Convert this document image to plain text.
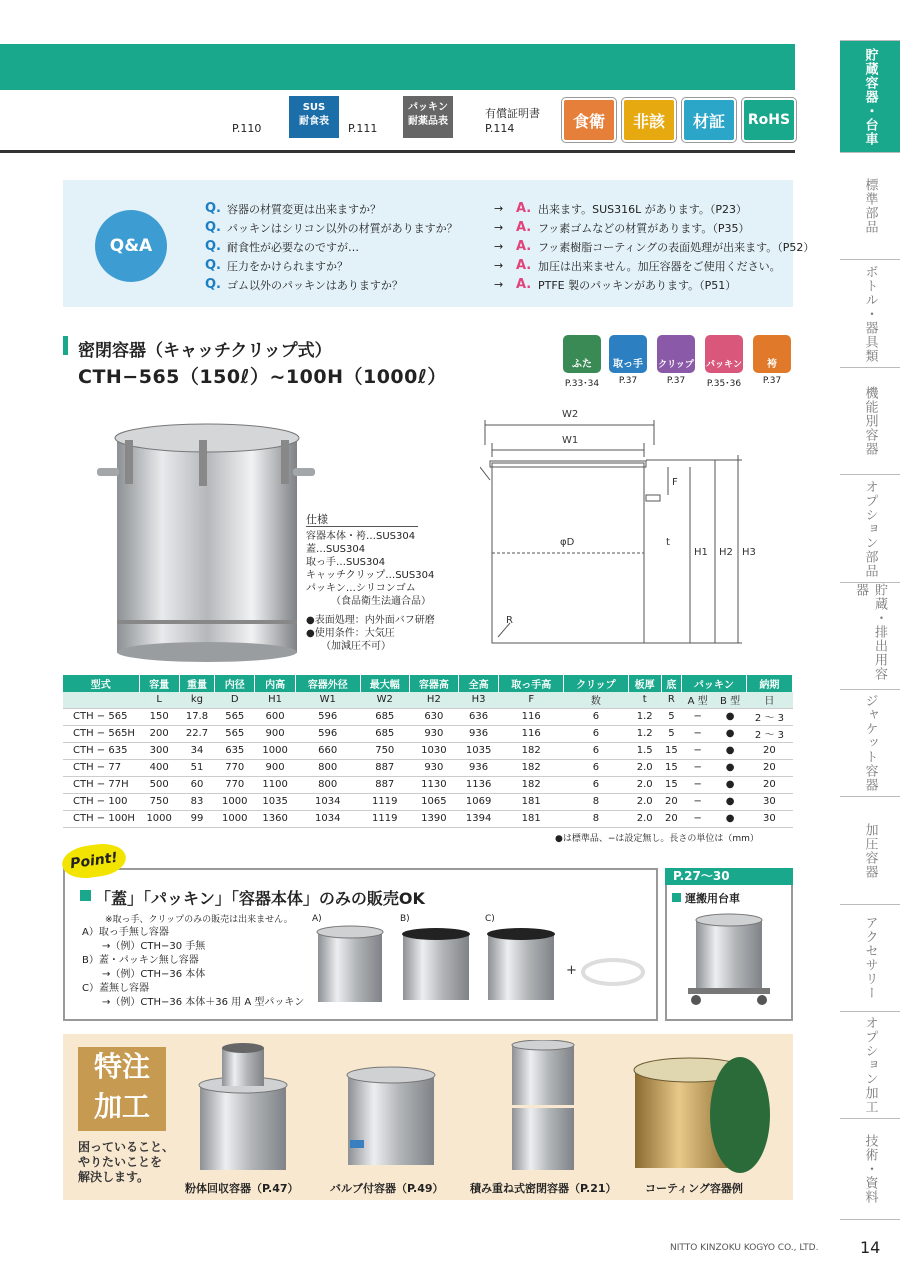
P.110
SUS
耐食表
P.111
パッキン
耐薬品表
有償証明書
P.114	食衛	非該	材証	RoHS	貯蔵容器・台車
標準部品
ボトル・器具類
機能別容器
オプション部品
貯蔵・排出用容器
ジャケット容器
加圧容器
アクセサリー
オプション加工
技術・資料
Q&A
Q. 容器の材質変更は出来ますか？	→ A. 出来ます。SUS316L があります。（P23）
Q. パッキンはシリコン以外の材質がありますか？	→ A. フッ素ゴムなどの材質があります。（P35）
Q. 耐食性が必要なのですが…	→ A. フッ素樹脂コーティングの表面処理が出来ます。（P52）
Q. 圧力をかけられますか？	→ A. 加圧は出来ません。加圧容器をご使用ください。
Q. ゴム以外のパッキンはありますか？	→ A. PTFE 製のパッキンがあります。（P51）
密閉容器（キャッチクリップ式）
CTH−565（150ℓ）~100H（1000ℓ）
ふた
P.33･34
取っ手
P.37
クリップ
P.37
パッキン
P.35･36
袴
P.37
仕様
容器本体・袴…SUS304
蓋…SUS304
取っ手…SUS304
キャッチクリップ…SUS304
パッキン…シリコンゴム
　　　（食品衛生法適合品）
●表面処理：内外面バフ研磨
●使用条件：大気圧
　　（加減圧不可）
W2
W1
φD	t
F
H1 H2 H3
R
型式	容量	重量	内径	内高	容器外径	最大幅	容器高	全高	取っ手高	クリップ	板厚	底	パッキン		納期
	L	kg	D	H1	W1	W2	H2	H3	F	数	t	R	A 型	B 型	日
CTH − 565	150	17.8	565	600	596	685	630	636	116	6	1.2	5	−	●	2 ～ 3
CTH − 565H	200	22.7	565	900	596	685	930	936	116	6	1.2	5	−	●	2 ～ 3
CTH − 635	300	34	635	1000	660	750	1030	1035	182	6	1.5	15	−	●	20
CTH − 77	400	51	770	900	800	887	930	936	182	6	2.0	15	−	●	20
CTH − 77H	500	60	770	1100	800	887	1130	1136	182	6	2.0	15	−	●	20
CTH − 100	750	83	1000	1035	1034	1119	1065	1069	181	8	2.0	20	−	●	30
CTH − 100H	1000	99	1000	1360	1034	1119	1390	1394	181	8	2.0	20	−	●	30
●は標準品、−は設定無し。長さの単位は（mm）
Point!
「蓋」「パッキン」「容器本体」のみの販売OK
※取っ手、クリップのみの販売は出来ません。
A）取っ手無し容器
　　→（例）CTH−30 手無
B）蓋・パッキン無し容器
　　→（例）CTH−36 本体
C）蓋無し容器
　　→（例）CTH−36 本体＋36 用 A 型パッキン
A)	B)	C)
+
P.27～30
運搬用台車
特注
加工
困っていること、
やりたいことを
解決します。
粉体回収容器（P.47）	バルブ付容器（P.49） 積み重ね式密閉容器（P.21）	コーティング容器例
NITTO KINZOKU KOGYO CO., LTD.	14
